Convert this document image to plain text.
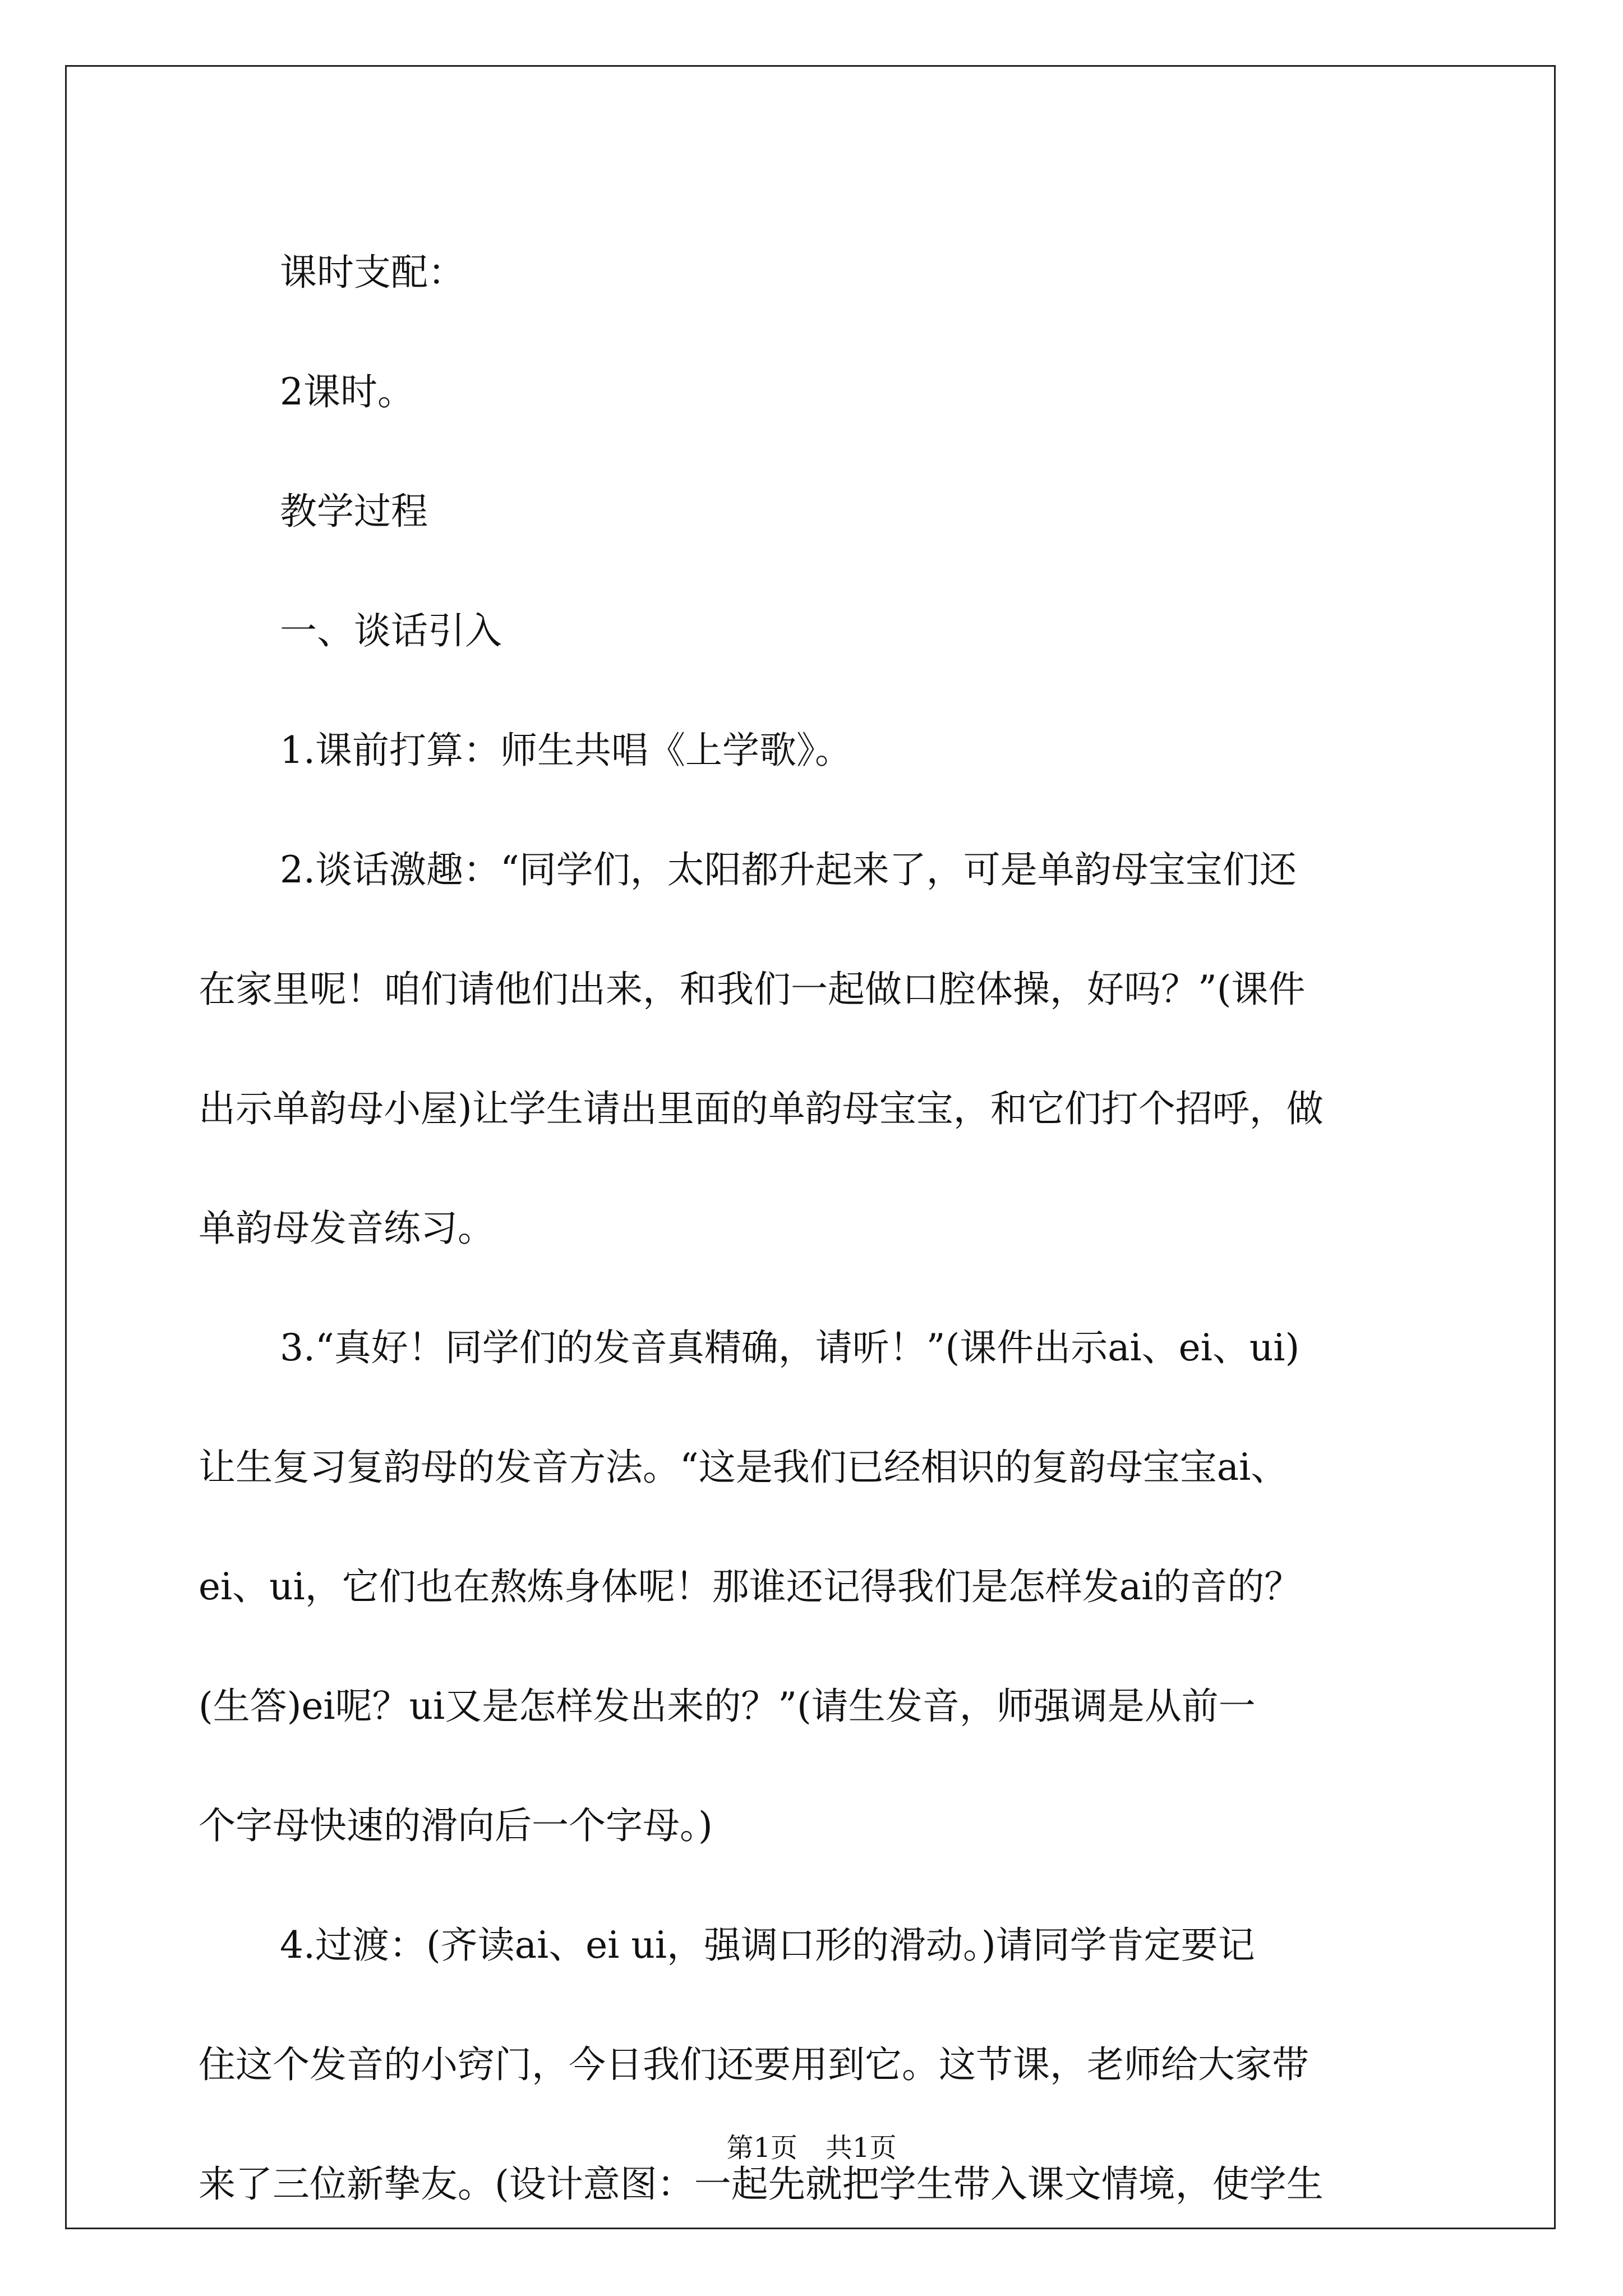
课时支配：
2课时。
教学过程
一、谈话引入
1.课前打算：师生共唱《上学歌》。
2.谈话激趣：“同学们，太阳都升起来了，可是单韵母宝宝们还
在家里呢！咱们请他们出来，和我们一起做口腔体操，好吗？”(课件
出示单韵母小屋)让学生请出里面的单韵母宝宝，和它们打个招呼，做
单韵母发音练习。
3.“真好！同学们的发音真精确，请听！”(课件出示ai、ei、ui)
让生复习复韵母的发音方法。“这是我们已经相识的复韵母宝宝ai、
ei、ui，它们也在熬炼身体呢！那谁还记得我们是怎样发ai的音的？
(生答)ei呢？ui又是怎样发出来的？”(请生发音，师强调是从前一
个字母快速的滑向后一个字母。)
4.过渡：(齐读ai、ei ui，强调口形的滑动。)请同学肯定要记
住这个发音的小窍门，今日我们还要用到它。这节课，老师给大家带
来了三位新挚友。(设计意图：一起先就把学生带入课文情境，使学生

第1页 共1页
